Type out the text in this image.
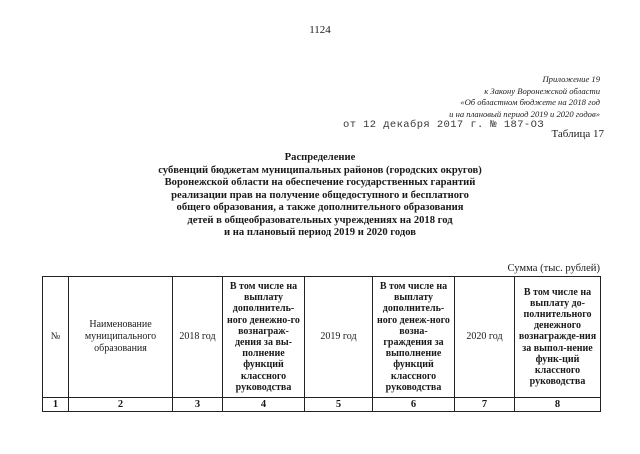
1124
Приложение 19
к Закону Воронежской области
«Об областном бюджете на 2018 год
и на плановый период 2019 и 2020 годов»
от 12 декабря 2017 г. № 187-ОЗ
Таблица 17
Распределение
субвенций бюджетам муниципальных районов (городских округов)
Воронежской области на обеспечение государственных гарантий
реализации прав на получение общедоступного и бесплатного
общего образования, а также дополнительного образования
детей в общеобразовательных учреждениях на 2018 год
и на плановый период 2019 и 2020 годов
Сумма (тыс. рублей)
№	Наименование муниципального образования	2018 год	В том числе на выплату дополнитель-ного денежно-го вознаграж-дения за вы-полнение функций классного руководства	2019 год	В том числе на выплату дополнитель-ного денеж-ного возна-граждения за выполнение функций классного руководства	2020 год	В том числе на выплату до-полнительного денежного вознагражде-ния за выпол-нение функ-ций классного руководства
1	2	3	4	5	6	7	8
